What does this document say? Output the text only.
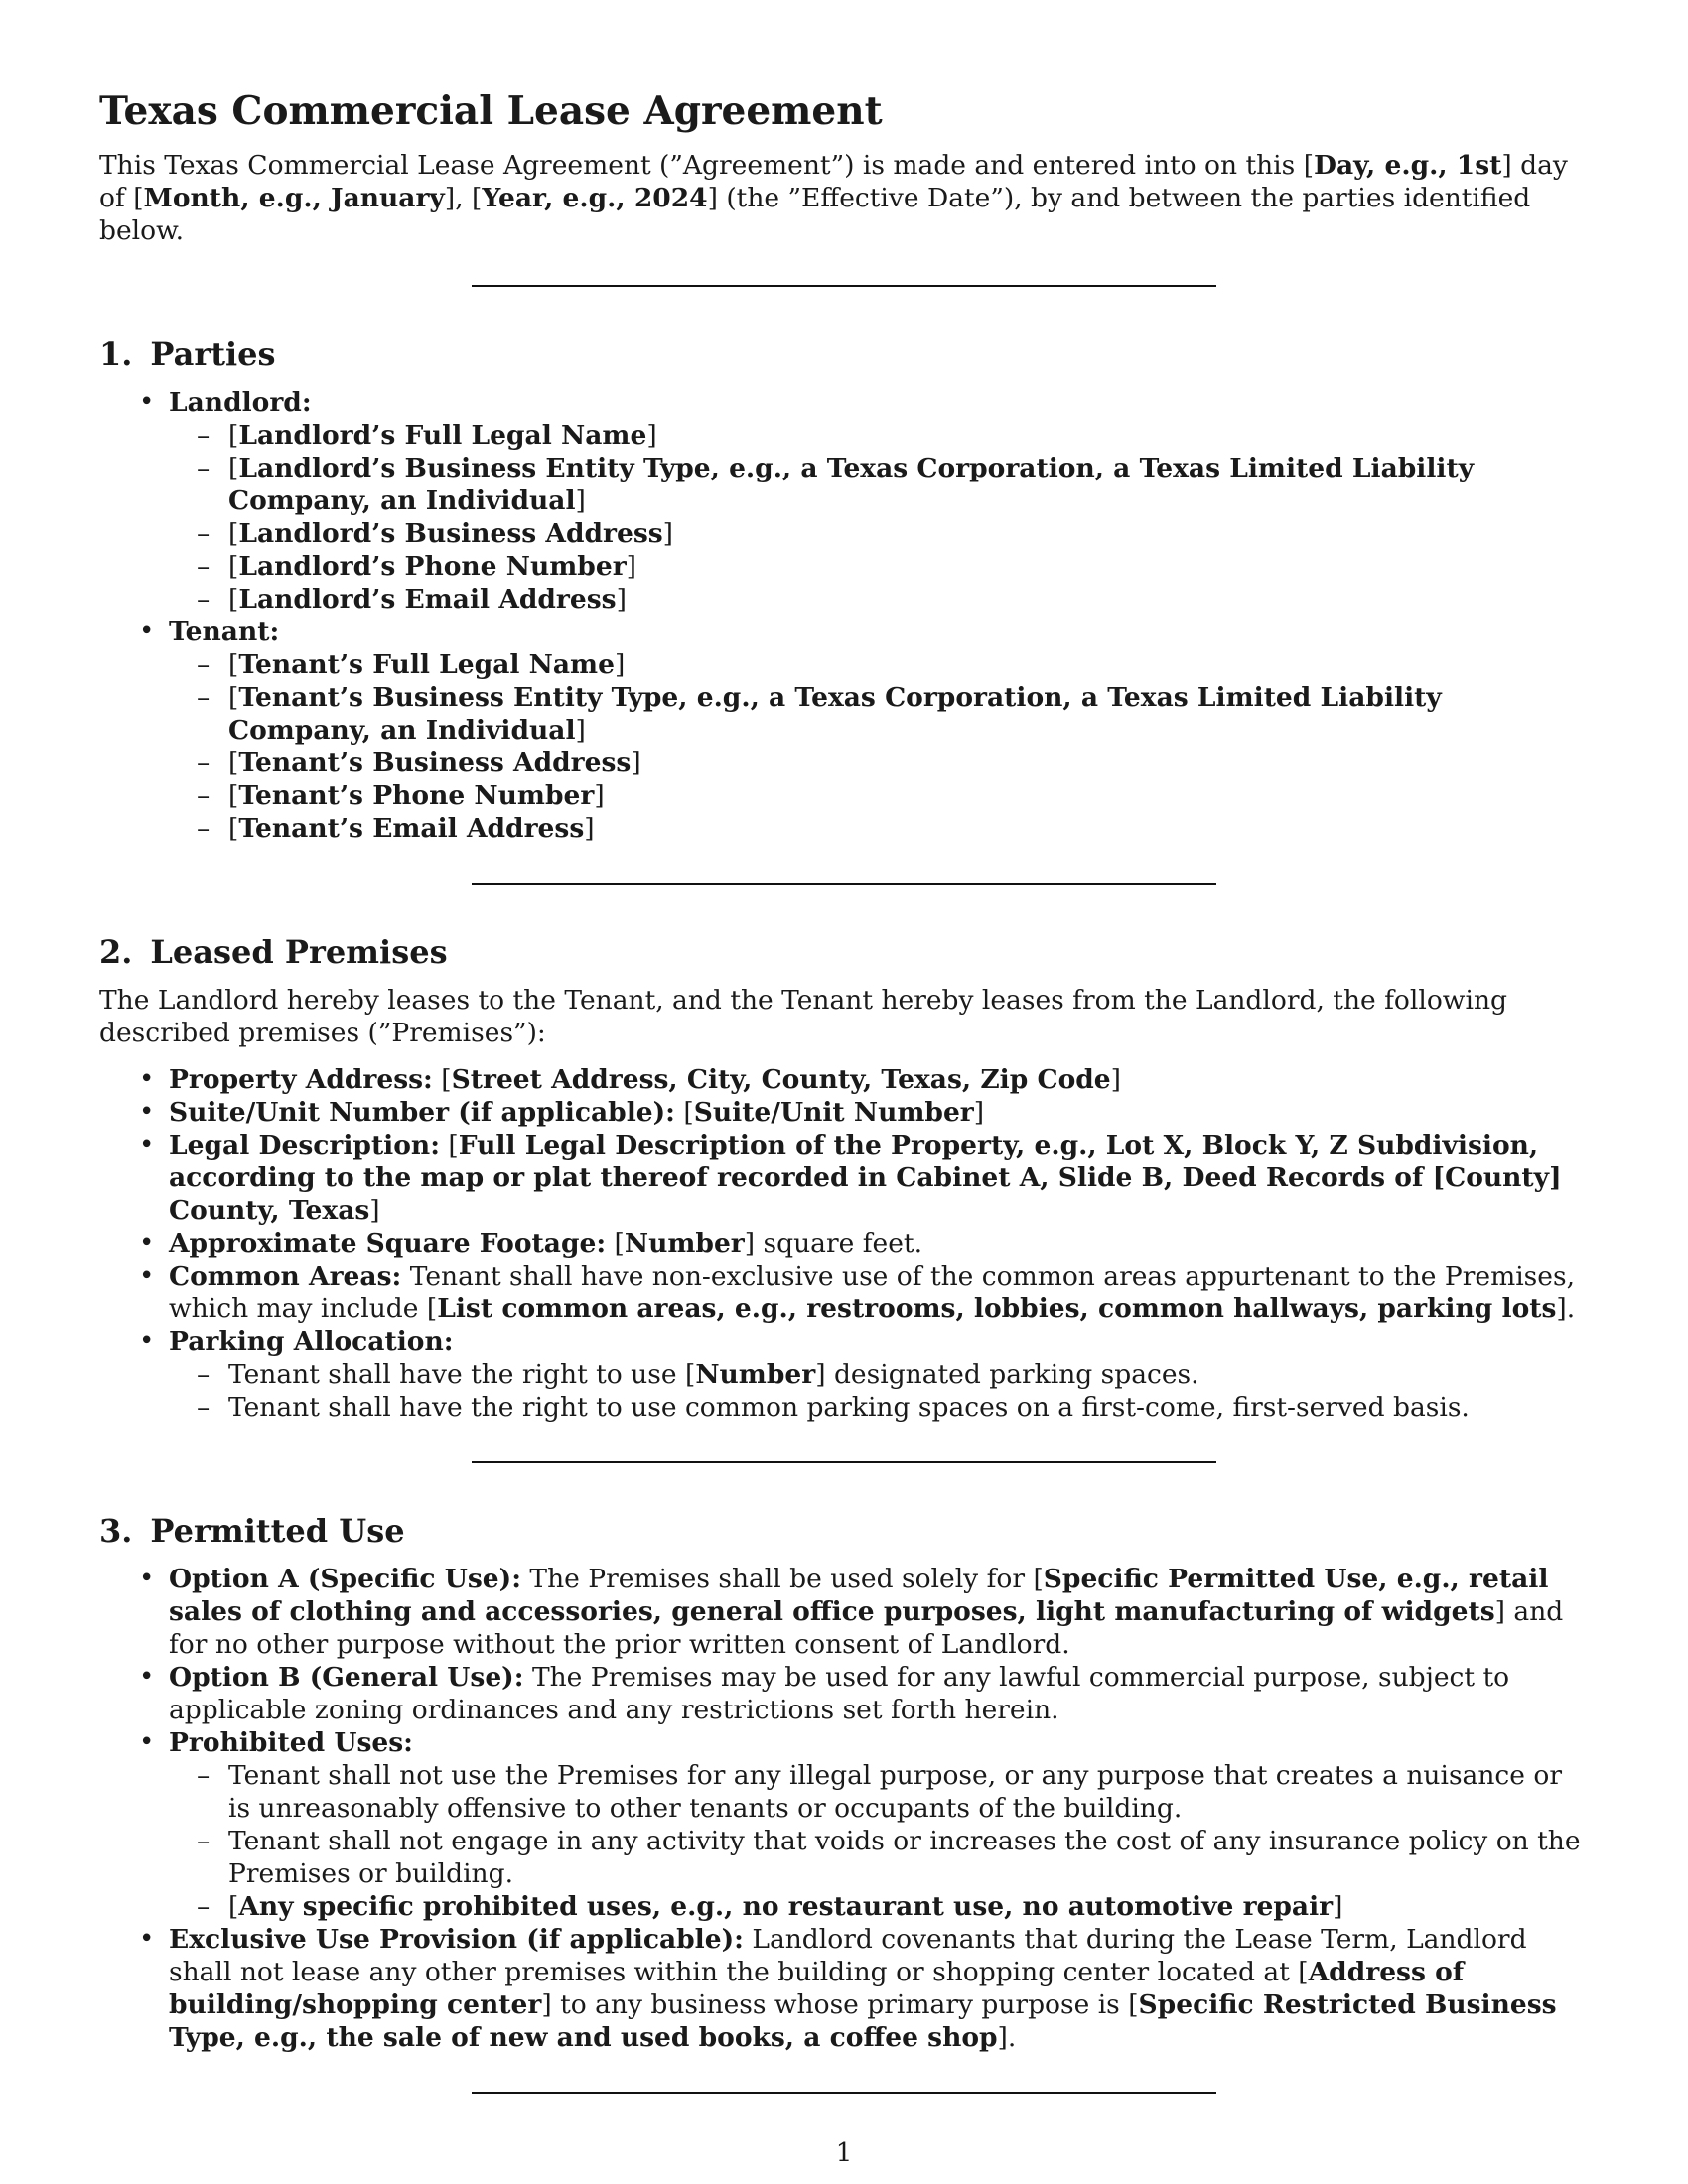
Texas Commercial Lease Agreement

This Texas Commercial Lease Agreement (”Agreement”) is made and entered into on this [Day, e.g., 1st] day of [Month, e.g., January], [Year, e.g., 2024] (the ”Effective Date”), by and between the parties identified below.

1. Parties
• Landlord:
– [Landlord’s Full Legal Name]
– [Landlord’s Business Entity Type, e.g., a Texas Corporation, a Texas Limited Liability Company, an Individual]
– [Landlord’s Business Address]
– [Landlord’s Phone Number]
– [Landlord’s Email Address]
• Tenant:
– [Tenant’s Full Legal Name]
– [Tenant’s Business Entity Type, e.g., a Texas Corporation, a Texas Limited Liability Company, an Individual]
– [Tenant’s Business Address]
– [Tenant’s Phone Number]
– [Tenant’s Email Address]
2. Leased Premises

The Landlord hereby leases to the Tenant, and the Tenant hereby leases from the Landlord, the following described premises (”Premises”):

• Property Address: [Street Address, City, County, Texas, Zip Code]
• Suite/Unit Number (if applicable): [Suite/Unit Number]
• Legal Description: [Full Legal Description of the Property, e.g., Lot X, Block Y, Z Subdivision, according to the map or plat thereof recorded in Cabinet A, Slide B, Deed Records of [County] County, Texas]
• Approximate Square Footage: [Number] square feet.
• Common Areas: Tenant shall have non-exclusive use of the common areas appurtenant to the Premises, which may include [List common areas, e.g., restrooms, lobbies, common hallways, parking lots].
• Parking Allocation:
– Tenant shall have the right to use [Number] designated parking spaces.
– Tenant shall have the right to use common parking spaces on a first-come, first-served basis.
3. Permitted Use
• Option A (Specific Use): The Premises shall be used solely for [Specific Permitted Use, e.g., retail sales of clothing and accessories, general office purposes, light manufacturing of widgets] and for no other purpose without the prior written consent of Landlord.
• Option B (General Use): The Premises may be used for any lawful commercial purpose, subject to applicable zoning ordinances and any restrictions set forth herein.
• Prohibited Uses:
– Tenant shall not use the Premises for any illegal purpose, or any purpose that creates a nuisance or is unreasonably offensive to other tenants or occupants of the building.
– Tenant shall not engage in any activity that voids or increases the cost of any insurance policy on the Premises or building.
– [Any specific prohibited uses, e.g., no restaurant use, no automotive repair]
• Exclusive Use Provision (if applicable): Landlord covenants that during the Lease Term, Landlord shall not lease any other premises within the building or shopping center located at [Address of building/shopping center] to any business whose primary purpose is [Specific Restricted Business Type, e.g., the sale of new and used books, a coffee shop].
1
